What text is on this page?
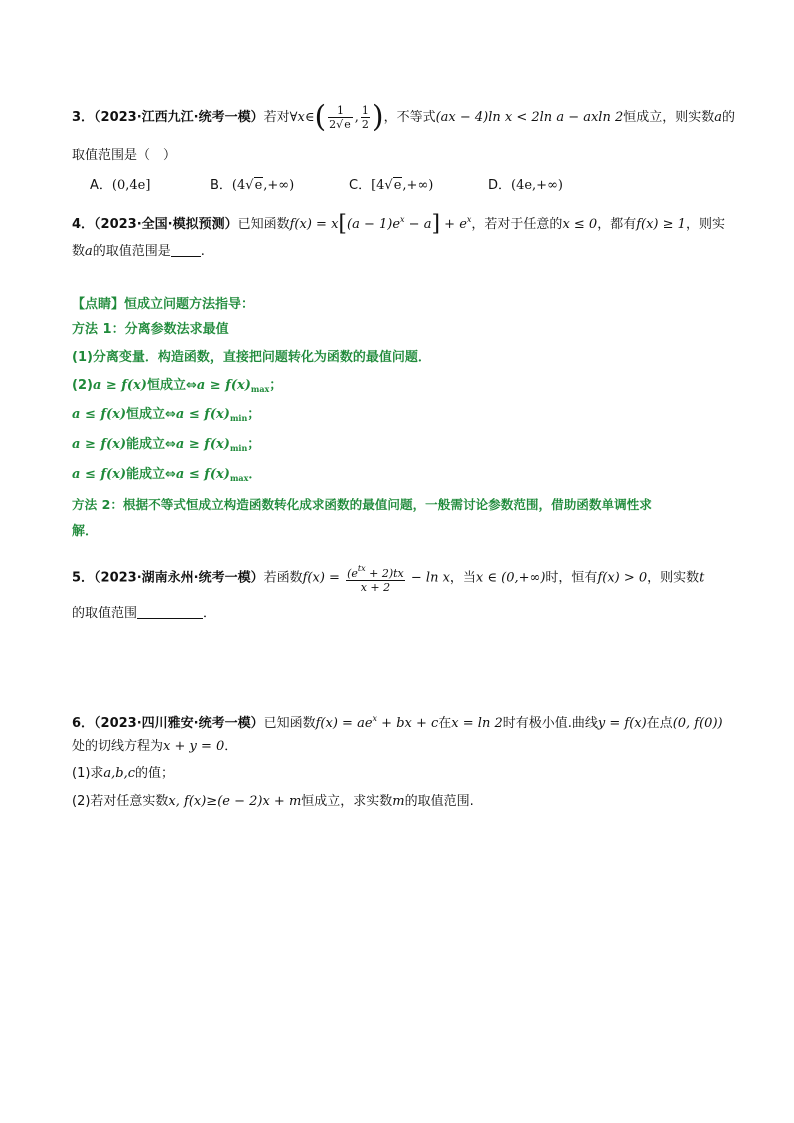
3．（2023·江西九江·统考一模）若对∀x∈( $\frac{1}{2√e}$ , $\frac{1}{2}$ )，不等式(ax − 4)ln x < 2ln a − axln 2恒成立，则实数a的
取值范围是（　）
A．(0,4e]	B．(4√e,+∞)	C．[4√e,+∞)	D．(4e,+∞)
4．（2023·全国·模拟预测）已知函数$f(x) = x[(a - 1)e^x - a] + e^x$，若对于任意的x ≤ 0，都有f(x) ≥ 1，则实
数a的取值范围是 .
【点睛】恒成立问题方法指导：
方法 1：分离参数法求最值
(1)分离变量．构造函数，直接把问题转化为函数的最值问题．
(2)a ≥ f(x)恒成立⇔a ≥ $f(x)_{max}$；
a ≤ f(x)恒成立⇔a ≤ $f(x)_{min}$；
a ≥ f(x)能成立⇔a ≥ $f(x)_{min}$；
a ≤ f(x)能成立⇔a ≤ $f(x)_{max}$．
方法 2：根据不等式恒成立构造函数转化成求函数的最值问题，一般需讨论参数范围，借助函数单调性求
解．
5．（2023·湖南永州·统考一模）若函数$f(x) = \frac{(e^{tx} + 2)tx}{x + 2} - \ln x$，当x ∈ (0,+∞)时，恒有f(x) > 0，则实数t
的取值范围	．
6．（2023·四川雅安·统考一模）已知函数$f(x) = ae^x$ + bx + c在x = ln 2时有极小值.曲线y = f(x)在点(0, f(0))
处的切线方程为x + y = 0．
(1)求a,b,c的值；
(2)若对任意实数x, f(x)≥(e − 2)x + m恒成立，求实数m的取值范围.
